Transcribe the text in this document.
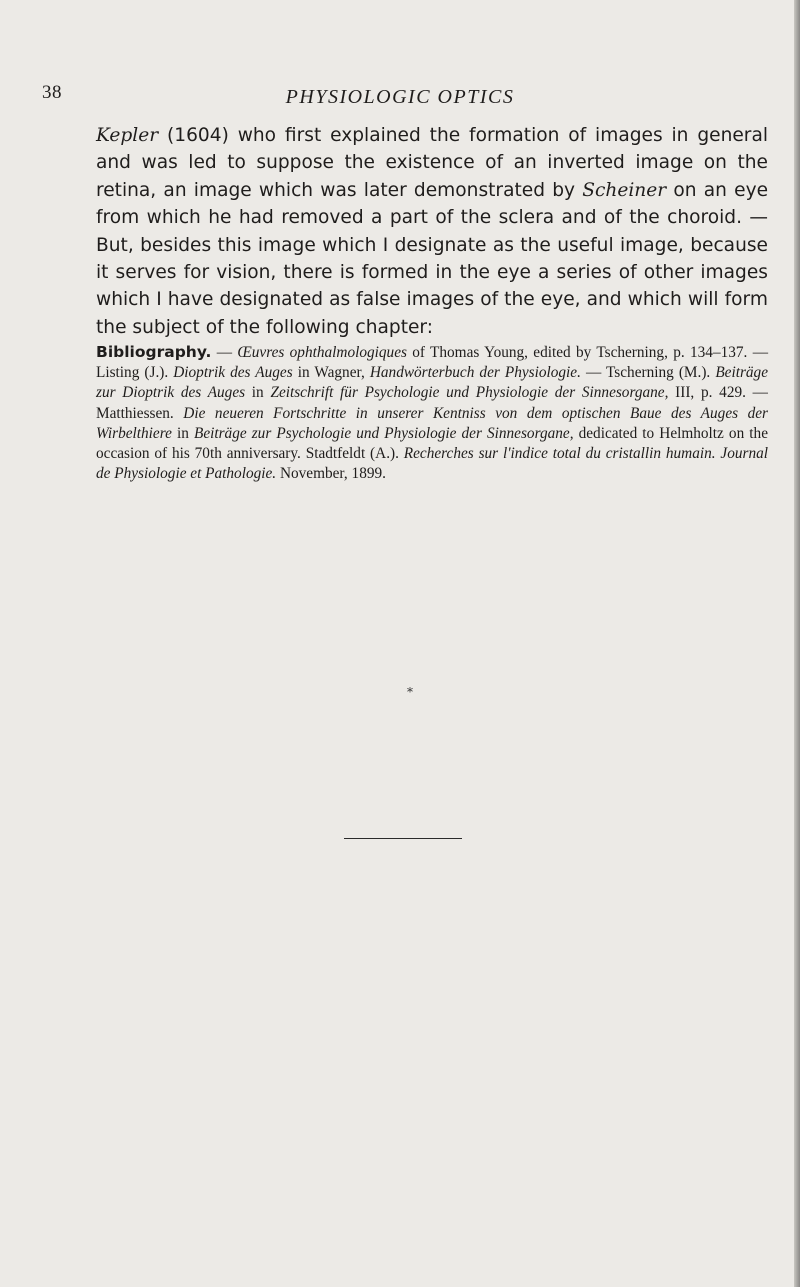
38	PHYSIOLOGIC OPTICS

Kepler (1604) who first explained the formation of images in general and was led to suppose the existence of an inverted image on the retina, an image which was later demonstrated by Scheiner on an eye from which he had removed a part of the sclera and of the choroid. — But, besides this image which I designate as the useful image, because it serves for vision, there is formed in the eye a series of other images which I have designated as false images of the eye, and which will form the subject of the following chapter:

Bibliography. — Œuvres ophthalmologiques of Thomas Young, edited by Tscherning, p. 134–137. — Listing (J.). Dioptrik des Auges in Wagner, Handwörterbuch der Physiologie. — Tscherning (M.). Beiträge zur Dioptrik des Auges in Zeitschrift für Psychologie und Physiologie der Sinnesorgane, III, p. 429. — Matthiessen. Die neueren Fortschritte in unserer Kentniss von dem optischen Baue des Auges der Wirbelthiere in Beiträge zur Psychologie und Physiologie der Sinnesorgane, dedicated to Helmholtz on the occasion of his 70th anniversary. Stadtfeldt (A.). Recherches sur l'indice total du cristallin humain. Journal de Physiologie et Pathologie. November, 1899.

*
